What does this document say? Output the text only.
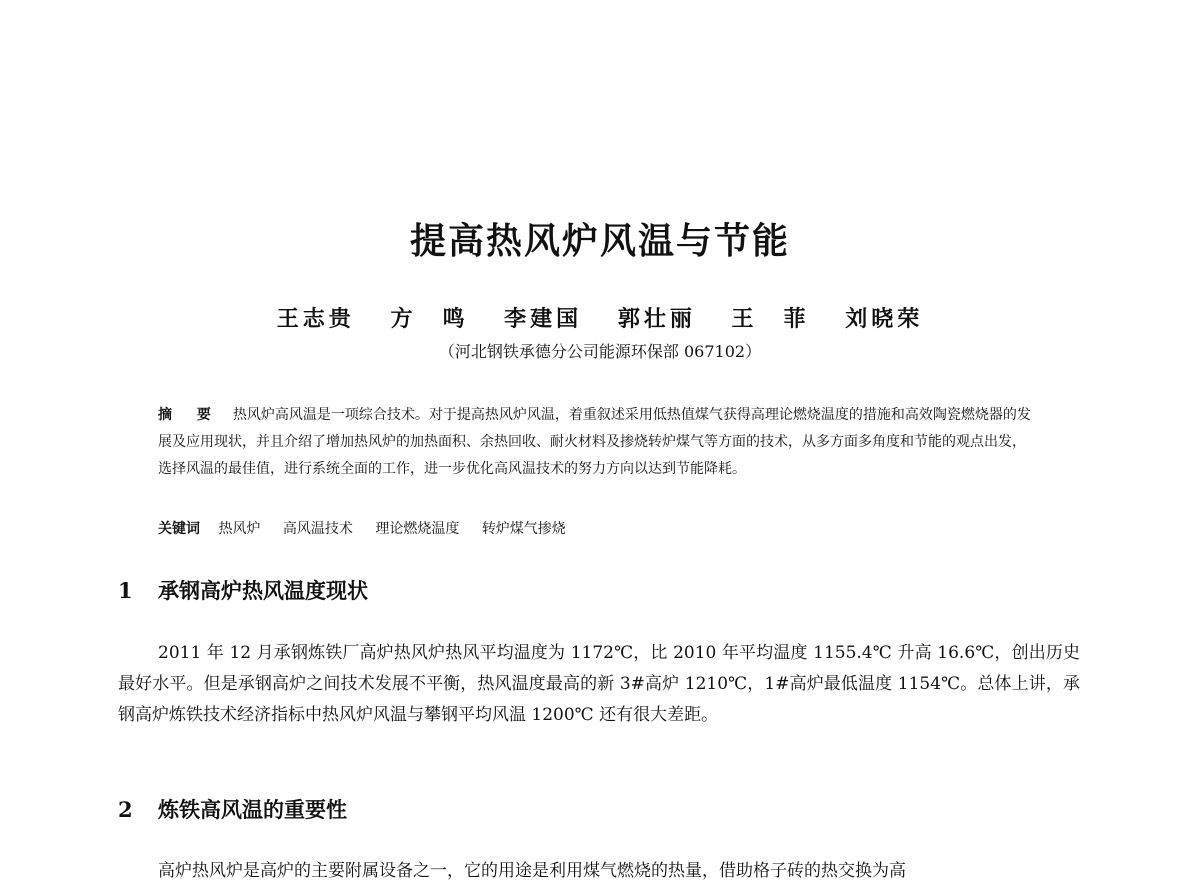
提高热风炉风温与节能
王志贵 方　鸣 李建国 郭壮丽 王　菲 刘晓荣
（河北钢铁承德分公司能源环保部 067102）

摘 要 热风炉高风温是一项综合技术。对于提高热风炉风温，着重叙述采用低热值煤气获得高理论燃烧温度的措施和高效陶瓷燃烧器的发展及应用现状，并且介绍了增加热风炉的加热面积、余热回收、耐火材料及掺烧转炉煤气等方面的技术，从多方面多角度和节能的观点出发，选择风温的最佳值，进行系统全面的工作，进一步优化高风温技术的努力方向以达到节能降耗。

关键词 热风炉 高风温技术 理论燃烧温度 转炉煤气掺烧
1 承钢高炉热风温度现状

2011 年 12 月承钢炼铁厂高炉热风炉热风平均温度为 1172℃，比 2010 年平均温度 1155.4℃ 升高 16.6℃，创出历史最好水平。但是承钢高炉之间技术发展不平衡，热风温度最高的新 3#高炉 1210℃，1#高炉最低温度 1154℃。总体上讲，承钢高炉炼铁技术经济指标中热风炉风温与攀钢平均风温 1200℃ 还有很大差距。

2 炼铁高风温的重要性

高炉热风炉是高炉的主要附属设备之一，它的用途是利用煤气燃烧的热量，借助格子砖的热交换为高
